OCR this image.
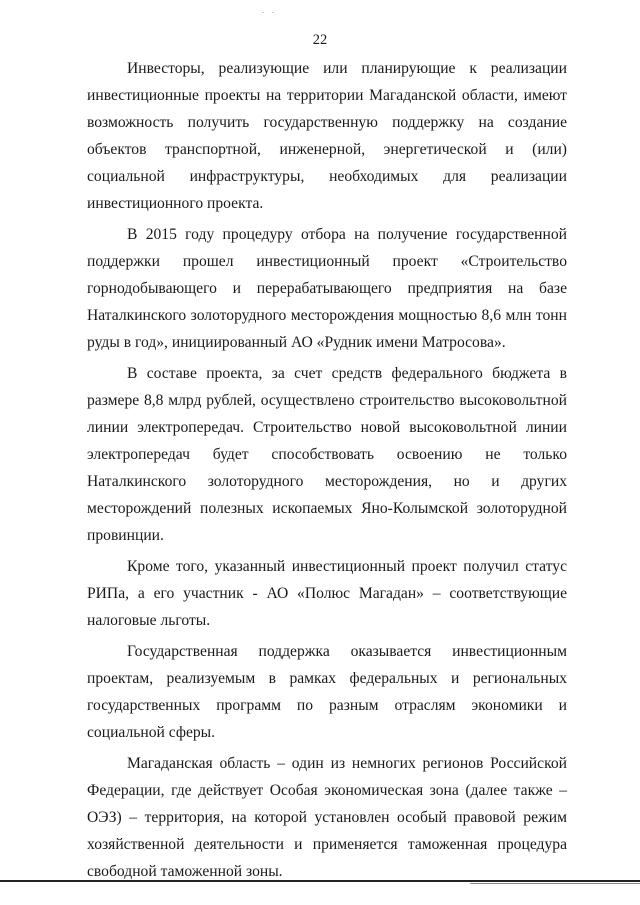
. .
22

Инвесторы, реализующие или планирующие к реализации инвестиционные проекты на территории Магаданской области, имеют возможность получить государственную поддержку на создание объектов транспортной, инженерной, энергетической и (или) социальной инфраструктуры, необходимых для реализации инвестиционного проекта.

В 2015 году процедуру отбора на получение государственной поддержки прошел инвестиционный проект «Строительство горнодобывающего и перерабатывающего предприятия на базе Наталкинского золоторудного месторождения мощностью 8,6 млн тонн руды в год», инициированный АО «Рудник имени Матросова».

В составе проекта, за счет средств федерального бюджета в размере 8,8 млрд рублей, осуществлено строительство высоковольтной линии электропередач. Строительство новой высоковольтной линии электропередач будет способствовать освоению не только Наталкинского золоторудного месторождения, но и других месторождений полезных ископаемых Яно-Колымской золоторудной провинции.

Кроме того, указанный инвестиционный проект получил статус РИПа, а его участник - АО «Полюс Магадан» – соответствующие налоговые льготы.

Государственная поддержка оказывается инвестиционным проектам, реализуемым в рамках федеральных и региональных государственных программ по разным отраслям экономики и социальной сферы.

Магаданская область – один из немногих регионов Российской Федерации, где действует Особая экономическая зона (далее также – ОЭЗ) – территория, на которой установлен особый правовой режим хозяйственной деятельности и применяется таможенная процедура свободной таможенной зоны.
